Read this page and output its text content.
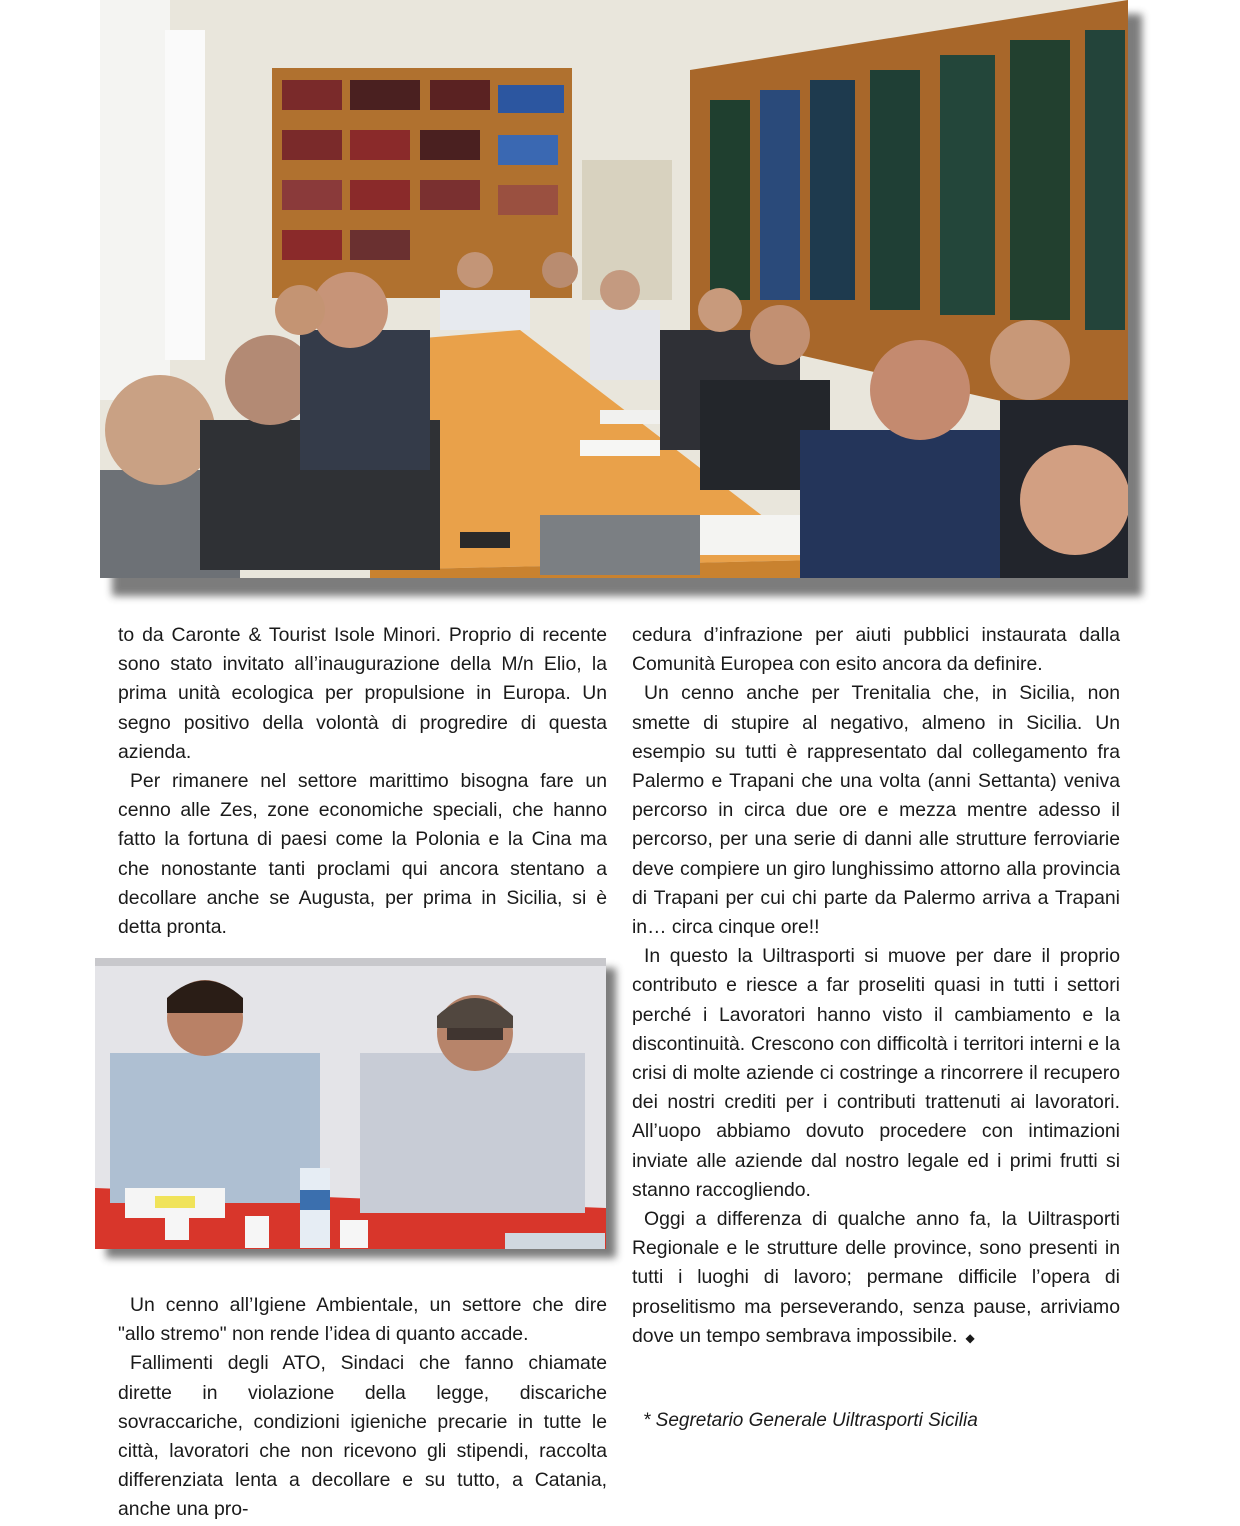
to da Caronte & Tourist Isole Minori. Proprio di recente sono stato invitato all’inaugurazione della M/n Elio, la prima unità ecologica per propulsione in Europa. Un segno positivo della volontà di progredire di questa azienda.

Per rimanere nel settore marittimo bisogna fare un cenno alle Zes, zone economiche speciali, che hanno fatto la fortuna di paesi come la Polonia e la Cina ma che nonostante tanti proclami qui ancora stentano a decollare anche se Augusta, per prima in Sicilia, si è detta pronta.

Un cenno all’Igiene Ambientale, un settore che dire "allo stremo" non rende l’idea di quanto accade.

Fallimenti degli ATO, Sindaci che fanno chiamate dirette in violazione della legge, discariche sovraccariche, condizioni igieniche precarie in tutte le città, lavoratori che non ricevono gli stipendi, raccolta differenziata lenta a decollare e su tutto, a Catania, anche una pro-

cedura d’infrazione per aiuti pubblici instaurata dalla Comunità Europea con esito ancora da definire.

Un cenno anche per Trenitalia che, in Sicilia, non smette di stupire al negativo, almeno in Sicilia. Un esempio su tutti è rappresentato dal collegamento fra Palermo e Trapani che una volta (anni Settanta) veniva percorso in circa due ore e mezza mentre adesso il percorso, per una serie di danni alle strutture ferroviarie deve compiere un giro lunghissimo attorno alla provincia di Trapani per cui chi parte da Palermo arriva a Trapani in… circa cinque ore!!

In questo la Uiltrasporti si muove per dare il proprio contributo e riesce a far proseliti quasi in tutti i settori perché i Lavoratori hanno visto il cambiamento e la discontinuità. Crescono con difficoltà i territori interni e la crisi di molte aziende ci costringe a rincorrere il recupero dei nostri crediti per i contributi trattenuti ai lavoratori. All’uopo abbiamo dovuto procedere con intimazioni inviate alle aziende dal nostro legale ed i primi frutti si stanno raccogliendo.

Oggi a differenza di qualche anno fa, la Uiltrasporti Regionale e le strutture delle province, sono presenti in tutti i luoghi di lavoro; permane difficile l’opera di proselitismo ma perseverando, senza pause, arriviamo dove un tempo sembrava impossibile. ◆

* Segretario Generale Uiltrasporti Sicilia
